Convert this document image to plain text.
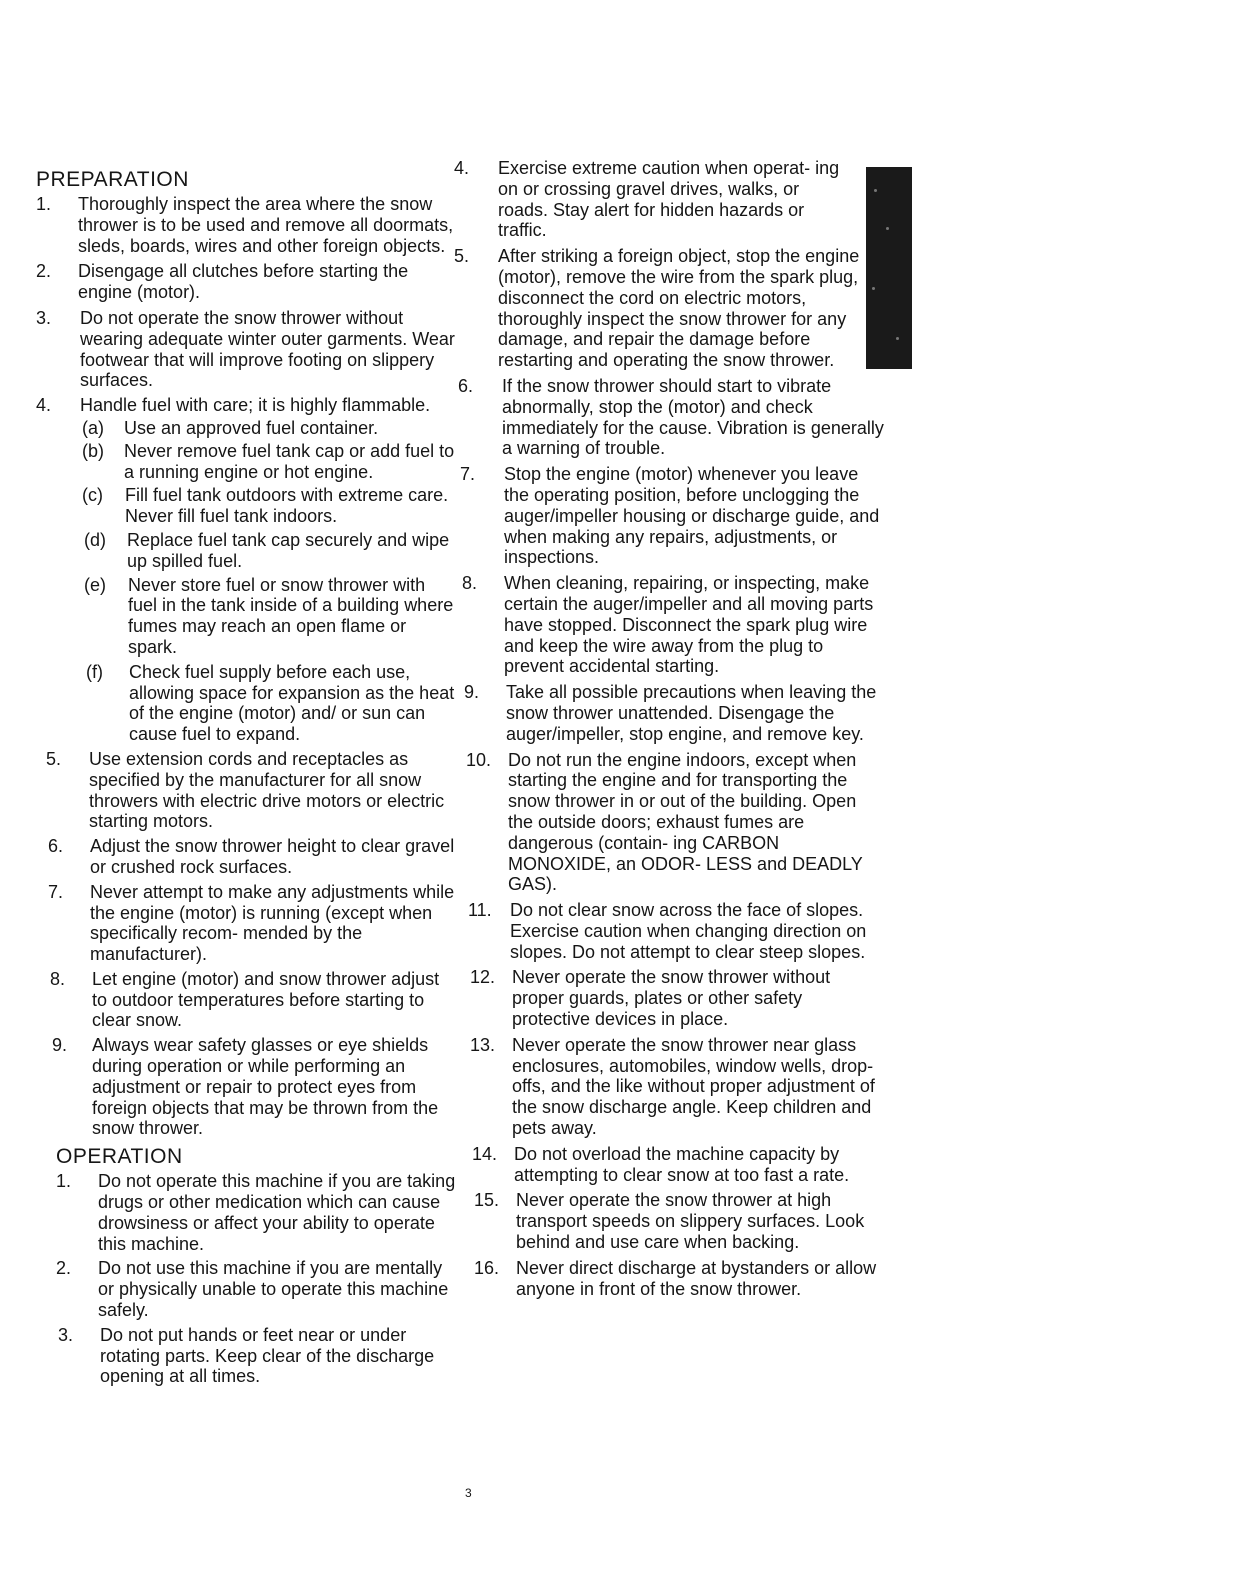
PREPARATION
1. Thoroughly inspect the area where the snow thrower is to be used and remove all doormats, sleds, boards, wires and other foreign objects.
2. Disengage all clutches before starting the engine (motor).
3. Do not operate the snow thrower without wearing adequate winter outer garments. Wear footwear that will improve footing on slippery surfaces.
4. Handle fuel with care; it is highly flammable.
(a) Use an approved fuel container.
(b) Never remove fuel tank cap or add fuel to a running engine or hot engine.
(c) Fill fuel tank outdoors with extreme care. Never fill fuel tank indoors.
(d) Replace fuel tank cap securely and wipe up spilled fuel.
(e) Never store fuel or snow thrower with fuel in the tank inside of a building where fumes may reach an open flame or spark.
(f) Check fuel supply before each use, allowing space for expansion as the heat of the engine (motor) and/ or sun can cause fuel to expand.
5. Use extension cords and receptacles as specified by the manufacturer for all snow throwers with electric drive motors or electric starting motors.
6. Adjust the snow thrower height to clear gravel or crushed rock surfaces.
7. Never attempt to make any adjustments while the engine (motor) is running (except when specifically recom- mended by the manufacturer).
8. Let engine (motor) and snow thrower adjust to outdoor temperatures before starting to clear snow.
9. Always wear safety glasses or eye shields during operation or while performing an adjustment or repair to protect eyes from foreign objects that may be thrown from the snow thrower.
OPERATION
1. Do not operate this machine if you are taking drugs or other medication which can cause drowsiness or affect your ability to operate this machine.
2. Do not use this machine if you are mentally or physically unable to operate this machine safely.
3. Do not put hands or feet near or under rotating parts. Keep clear of the discharge opening at all times.
4. Exercise extreme caution when operat- ing on or crossing gravel drives, walks, or roads. Stay alert for hidden hazards or traffic.
5. After striking a foreign object, stop the engine (motor), remove the wire from the spark plug, disconnect the cord on electric motors, thoroughly inspect the snow thrower for any damage, and repair the damage before restarting and operating the snow thrower.
6. If the snow thrower should start to vibrate abnormally, stop the (motor) and check immediately for the cause. Vibration is generally a warning of trouble.
7. Stop the engine (motor) whenever you leave the operating position, before unclogging the auger/impeller housing or discharge guide, and when making any repairs, adjustments, or inspections.
8. When cleaning, repairing, or inspecting, make certain the auger/impeller and all moving parts have stopped. Disconnect the spark plug wire and keep the wire away from the plug to prevent accidental starting.
9. Take all possible precautions when leaving the snow thrower unattended. Disengage the auger/impeller, stop engine, and remove key.
10. Do not run the engine indoors, except when starting the engine and for transporting the snow thrower in or out of the building. Open the outside doors; exhaust fumes are dangerous (contain- ing CARBON MONOXIDE, an ODOR- LESS and DEADLY GAS).
11. Do not clear snow across the face of slopes. Exercise caution when changing direction on slopes. Do not attempt to clear steep slopes.
12. Never operate the snow thrower without proper guards, plates or other safety protective devices in place.
13. Never operate the snow thrower near glass enclosures, automobiles, window wells, drop-offs, and the like without proper adjustment of the snow discharge angle. Keep children and pets away.
14. Do not overload the machine capacity by attempting to clear snow at too fast a rate.
15. Never operate the snow thrower at high transport speeds on slippery surfaces. Look behind and use care when backing.
16. Never direct discharge at bystanders or allow anyone in front of the snow thrower.
3
